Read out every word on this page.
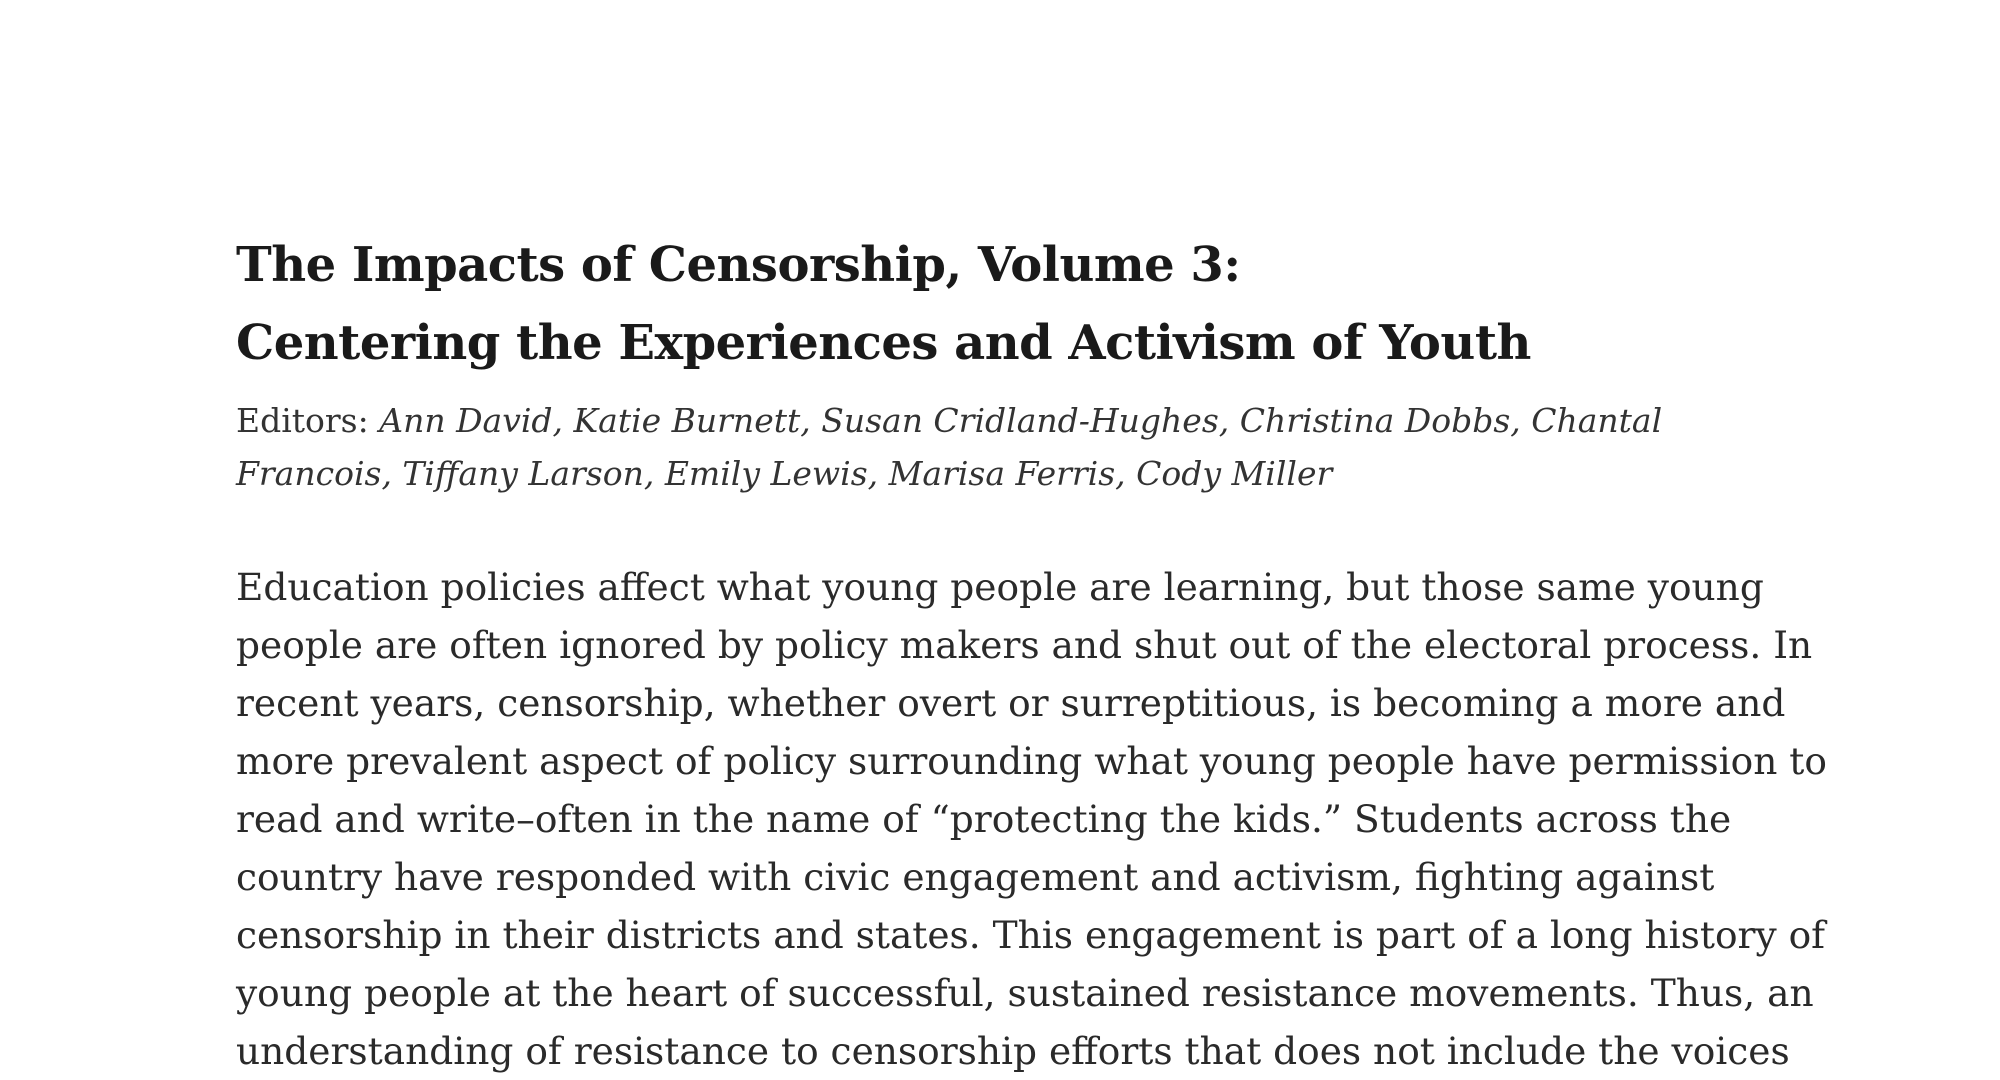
The Impacts of Censorship, Volume 3:
Centering the Experiences and Activism of Youth

Editors: Ann David, Katie Burnett, Susan Cridland-Hughes, Christina Dobbs, Chantal Francois, Tiffany Larson, Emily Lewis, Marisa Ferris, Cody Miller

Education policies affect what young people are learning, but those same young
people are often ignored by policy makers and shut out of the electoral process. In
recent years, censorship, whether overt or surreptitious, is becoming a more and
more prevalent aspect of policy surrounding what young people have permission to
read and write–often in the name of “protecting the kids.” Students across the
country have responded with civic engagement and activism, fighting against
censorship in their districts and states. This engagement is part of a long history of
young people at the heart of successful, sustained resistance movements. Thus, an
understanding of resistance to censorship efforts that does not include the voices
